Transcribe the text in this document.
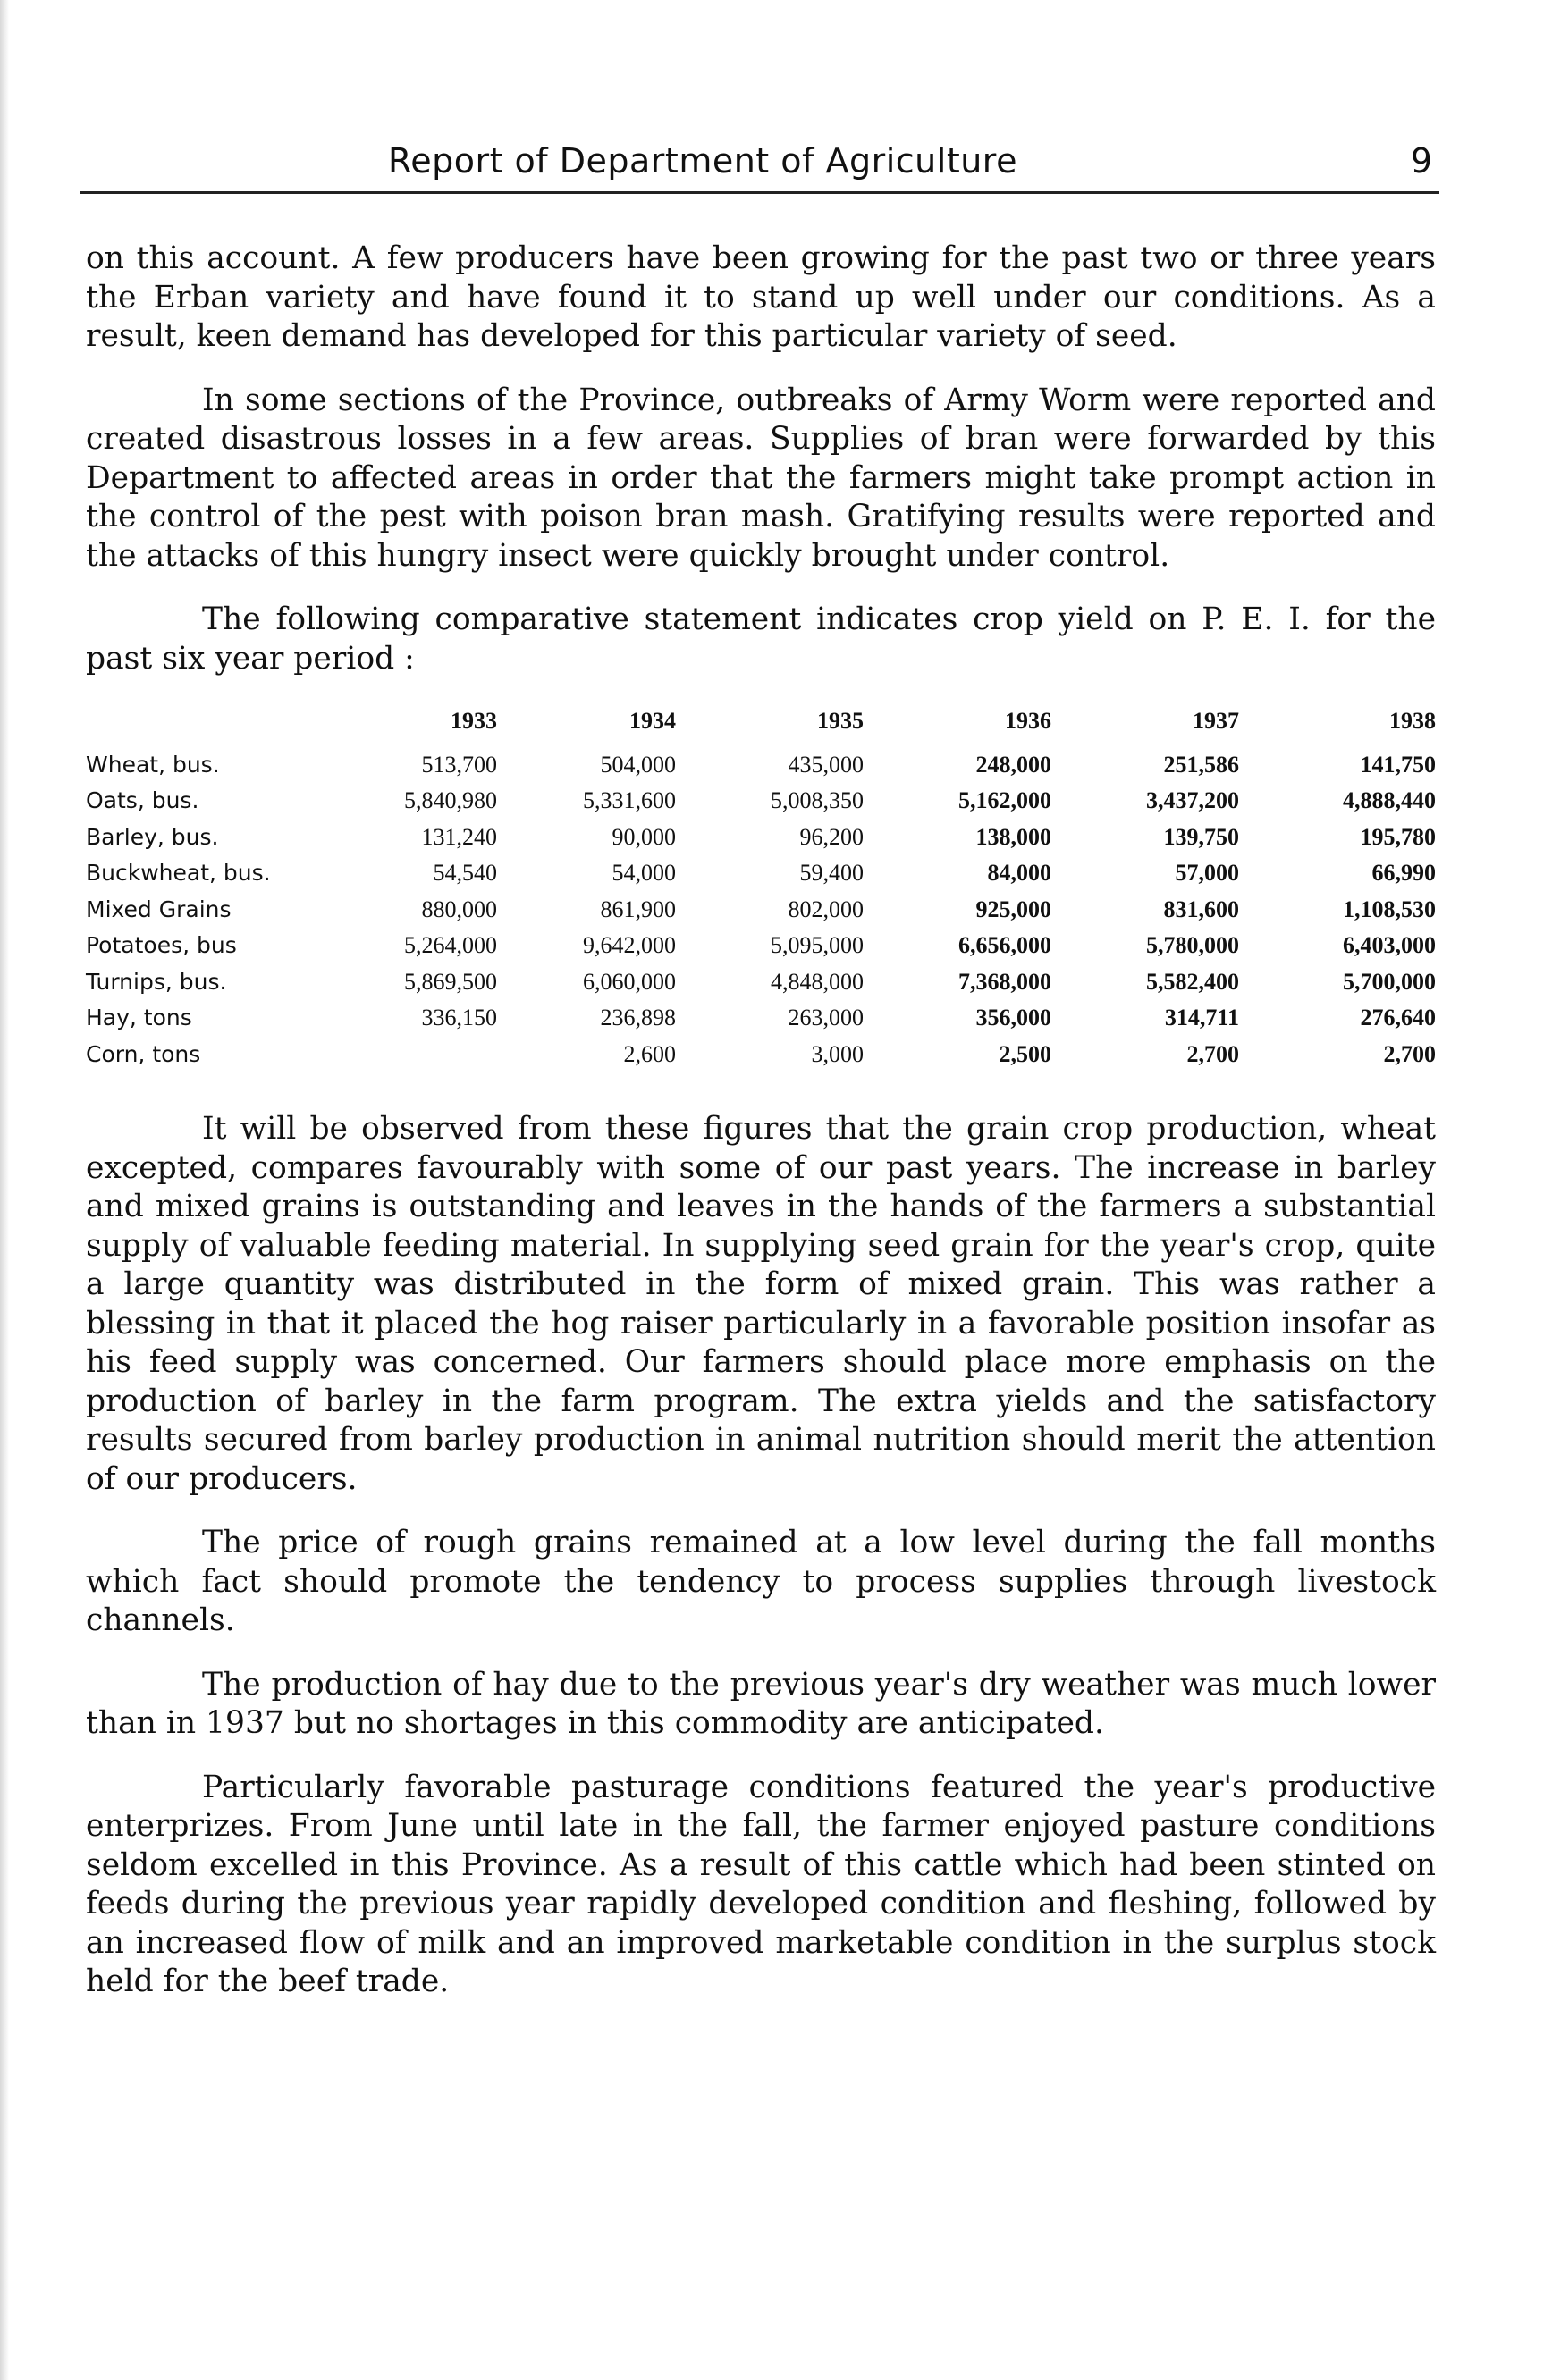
Report of Department of Agriculture	9

on this account. A few producers have been growing for the past two or three years the Erban variety and have found it to stand up well under our conditions. As a result, keen demand has developed for this particular variety of seed.

In some sections of the Province, outbreaks of Army Worm were reported and created disastrous losses in a few areas. Supplies of bran were forwarded by this Department to affected areas in order that the farmers might take prompt action in the control of the pest with poison bran mash. Gratifying results were reported and the attacks of this hungry insect were quickly brought under control.

The following comparative statement indicates crop yield on P. E. I. for the past six year period :

	1933	1934	1935	1936	1937	1938
Wheat, bus.	513,700	504,000	435,000	248,000	251,586	141,750
Oats, bus.	5,840,980	5,331,600	5,008,350	5,162,000	3,437,200	4,888,440
Barley, bus.	131,240	90,000	96,200	138,000	139,750	195,780
Buckwheat, bus.	54,540	54,000	59,400	84,000	57,000	66,990
Mixed Grains	880,000	861,900	802,000	925,000	831,600	1,108,530
Potatoes, bus	5,264,000	9,642,000	5,095,000	6,656,000	5,780,000	6,403,000
Turnips, bus.	5,869,500	6,060,000	4,848,000	7,368,000	5,582,400	5,700,000
Hay, tons	336,150	236,898	263,000	356,000	314,711	276,640
Corn, tons		2,600	3,000	2,500	2,700	2,700

It will be observed from these figures that the grain crop production, wheat excepted, compares favourably with some of our past years. The increase in barley and mixed grains is outstanding and leaves in the hands of the farmers a substantial supply of valuable feeding material. In supplying seed grain for the year's crop, quite a large quantity was distributed in the form of mixed grain. This was rather a blessing in that it placed the hog raiser particularly in a favorable position insofar as his feed supply was concerned. Our farmers should place more emphasis on the production of barley in the farm program. The extra yields and the satisfactory results secured from barley production in animal nutrition should merit the attention of our producers.

The price of rough grains remained at a low level during the fall months which fact should promote the tendency to process supplies through livestock channels.

The production of hay due to the previous year's dry weather was much lower than in 1937 but no shortages in this commodity are anticipated.

Particularly favorable pasturage conditions featured the year's productive enterprizes. From June until late in the fall, the farmer enjoyed pasture conditions seldom excelled in this Province. As a result of this cattle which had been stinted on feeds during the previous year rapidly developed condition and fleshing, followed by an increased flow of milk and an improved marketable condition in the surplus stock held for the beef trade.
